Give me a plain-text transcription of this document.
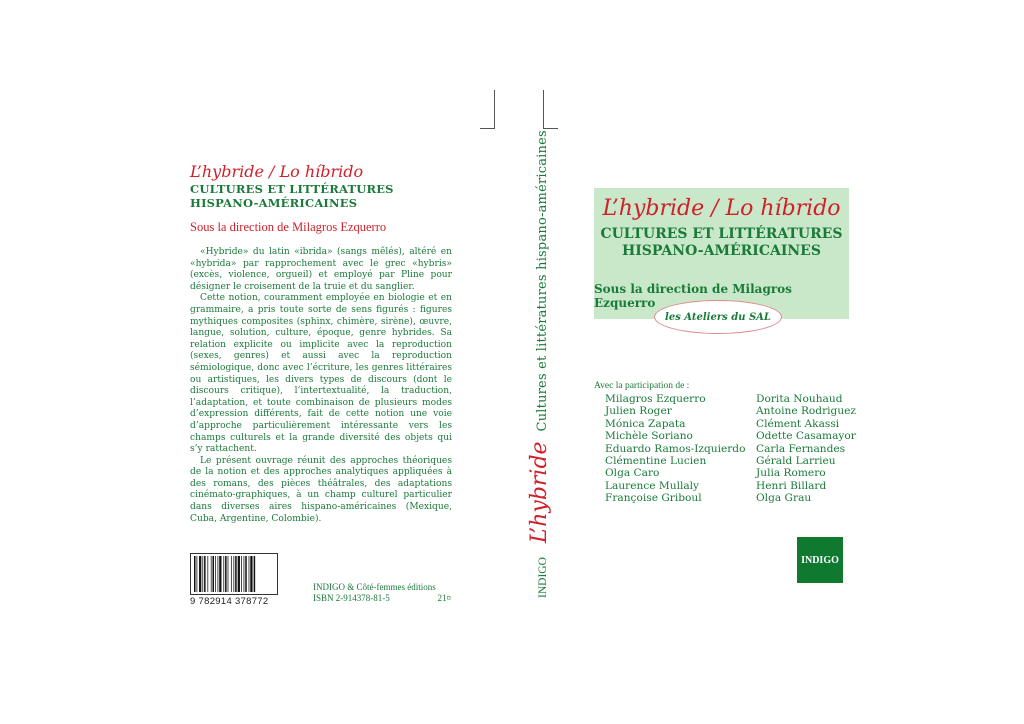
L’hybride / Lo híbrido
CULTURES ET LITTÉRATURES
HISPANO-AMÉRICAINES
Sous la direction de Milagros Ezquerro

«Hybride» du latin «ibrida» (sangs mêlés), altéré en «hybrida» par rapprochement avec le grec «hybris» (excès, violence, orgueil) et employé par Pline pour désigner le croisement de la truie et du sanglier.

Cette notion, couramment employée en biologie et en grammaire, a pris toute sorte de sens figurés : figures mythiques composites (sphinx, chimère, sirène), œuvre, langue, solution, culture, époque, genre hybrides. Sa relation explicite ou implicite avec la reproduction (sexes, genres) et aussi avec la reproduction sémiologique, donc avec l’écriture, les genres littéraires ou artistiques, les divers types de discours (dont le discours critique), l’intertextualité, la traduction, l’adaptation, et toute combinaison de plusieurs modes d’expression différents, fait de cette notion une voie d’approche particulièrement intéressante vers les champs culturels et la grande diversité des objets qui s’y rattachent.

Le présent ouvrage réunit des approches théoriques de la notion et des approches analytiques appliquées à des romans, des pièces théâtrales, des adaptations cinémato-graphiques, à un champ culturel particulier dans diverses aires hispano-américaines (Mexique, Cuba, Argentine, Colombie).

9 782914 378772
INDIGO & Côté-femmes éditions
ISBN 2-914378-81-5	21¤	INDIGO
L’hybride
Cultures et littératures hispano-américaines	L’hybride / Lo híbrido
CULTURES ET LITTÉRATURES
HISPANO-AMÉRICAINES
Sous la direction de Milagros Ezquerro
les Ateliers du SAL
Avec la participation de :
Milagros Ezquerro
Julien Roger
Mónica Zapata
Michèle Soriano
Eduardo Ramos-Izquierdo
Clémentine Lucien
Olga Caro
Laurence Mullaly
Françoise Griboul
Dorita Nouhaud
Antoine Rodriguez
Clément Akassi
Odette Casamayor
Carla Fernandes
Gérald Larrieu
Julia Romero
Henri Billard
Olga Grau
INDIGO
